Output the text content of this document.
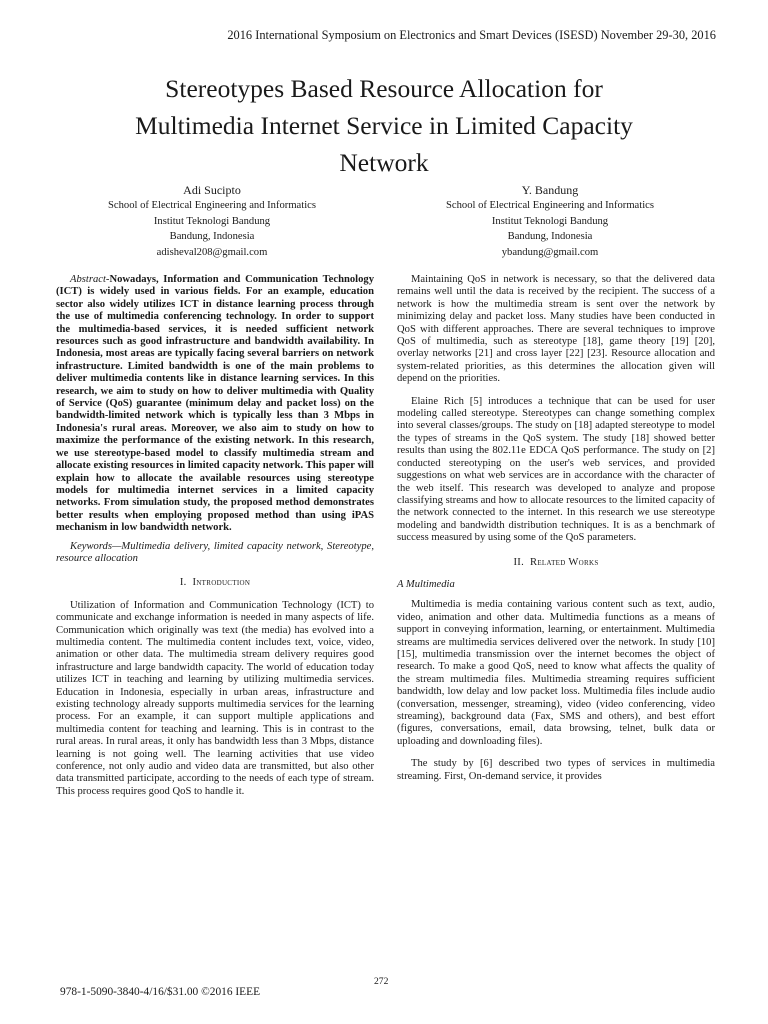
2016 International Symposium on Electronics and Smart Devices (ISESD) November 29-30, 2016
Stereotypes Based Resource Allocation for
Multimedia Internet Service in Limited Capacity
Network
Adi Sucipto
School of Electrical Engineering and Informatics
Institut Teknologi Bandung
Bandung, Indonesia
adisheval208@gmail.com
Y. Bandung
School of Electrical Engineering and Informatics
Institut Teknologi Bandung
Bandung, Indonesia
ybandung@gmail.com

Abstract-Nowadays, Information and Communication Technology (ICT) is widely used in various fields. For an example, education sector also widely utilizes ICT in distance learning process through the use of multimedia conferencing technology. In order to support the multimedia-based services, it is needed sufficient network resources such as good infrastructure and bandwidth availability. In Indonesia, most areas are typically facing several barriers on network infrastructure. Limited bandwidth is one of the main problems to deliver multimedia contents like in distance learning services. In this research, we aim to study on how to deliver multimedia with Quality of Service (QoS) guarantee (minimum delay and packet loss) on the bandwidth-limited network which is typically less than 3 Mbps in Indonesia's rural areas. Moreover, we also aim to study on how to maximize the performance of the existing network. In this research, we use stereotype-based model to classify multimedia stream and allocate existing resources in limited capacity network. This paper will explain how to allocate the available resources using stereotype models for multimedia internet services in a limited capacity networks. From simulation study, the proposed method demonstrates better results when employing proposed method than using iPAS mechanism in low bandwidth network.

Keywords—Multimedia delivery, limited capacity network, Stereotype, resource allocation

I. Introduction

Utilization of Information and Communication Technology (ICT) to communicate and exchange information is needed in many aspects of life. Communication which originally was text (the media) has evolved into a multimedia content. The multimedia content includes text, voice, video, animation or other data. The multimedia stream delivery requires good infrastructure and large bandwidth capacity. The world of education today utilizes ICT in teaching and learning by utilizing multimedia services. Education in Indonesia, especially in urban areas, infrastructure and existing technology already supports multimedia services for the learning process. For an example, it can support multiple applications and multimedia content for teaching and learning. This is in contrast to the rural areas. In rural areas, it only has bandwidth less than 3 Mbps, distance learning is not going well. The learning activities that use video conference, not only audio and video data are transmitted, but also other data transmitted participate, according to the needs of each type of stream. This process requires good QoS to handle it.

Maintaining QoS in network is necessary, so that the delivered data remains well until the data is received by the recipient. The success of a network is how the multimedia stream is sent over the network by minimizing delay and packet loss. Many studies have been conducted in QoS with different approaches. There are several techniques to improve QoS of multimedia, such as stereotype [18], game theory [19] [20], overlay networks [21] and cross layer [22] [23]. Resource allocation and system-related priorities, as this determines the allocation given will depend on the priorities.

Elaine Rich [5] introduces a technique that can be used for user modeling called stereotype. Stereotypes can change something complex into several classes/groups. The study on [18] adapted stereotype to model the types of streams in the QoS system. The study [18] showed better results than using the 802.11e EDCA QoS performance. The study on [2] conducted stereotyping on the user's web services, and provided suggestions on what web services are in accordance with the character of the web itself. This research was developed to analyze and propose classifying streams and how to allocate resources to the limited capacity of the network connected to the internet. In this research we use stereotype modeling and bandwidth distribution techniques. It is as a benchmark of success measured by using some of the QoS parameters.

II. Related Works
A Multimedia

Multimedia is media containing various content such as text, audio, video, animation and other data. Multimedia functions as a means of support in conveying information, learning, or entertainment. Multimedia streams are multimedia services delivered over the network. In study [10] [15], multimedia transmission over the internet becomes the object of research. To make a good QoS, need to know what affects the quality of the stream multimedia files. Multimedia streaming requires sufficient bandwidth, low delay and low packet loss. Multimedia files include audio (conversation, messenger, streaming), video (video conferencing, video streaming), background data (Fax, SMS and others), and best effort (figures, conversations, email, data browsing, telnet, bulk data or uploading and downloading files).

The study by [6] described two types of services in multimedia streaming. First, On-demand service, it provides

978-1-5090-3840-4/16/$31.00 ©2016 IEEE
272
